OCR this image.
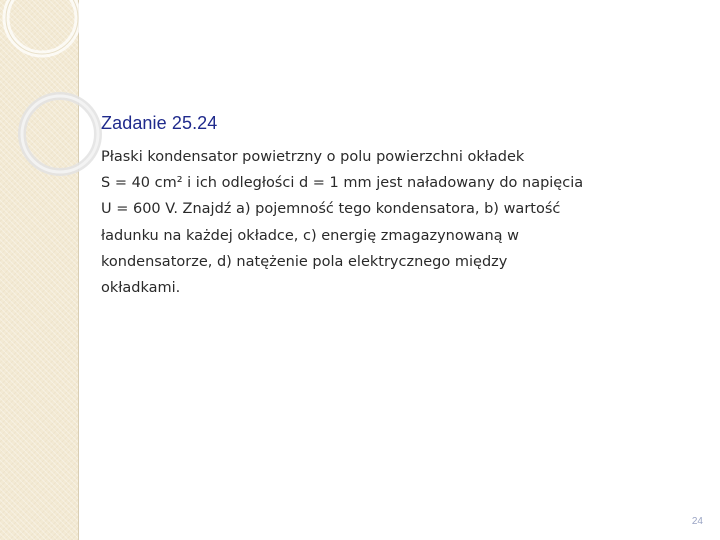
Zadanie 25.24
Płaski kondensator powietrzny o polu powierzchni okładek
S = 40 cm² i ich odległości d = 1 mm jest naładowany do napięcia
U = 600 V. Znajdź a) pojemność tego kondensatora, b) wartość
ładunku na każdej okładce, c) energię zmagazynowaną w
kondensatorze, d) natężenie pola elektrycznego między
okładkami.
24
